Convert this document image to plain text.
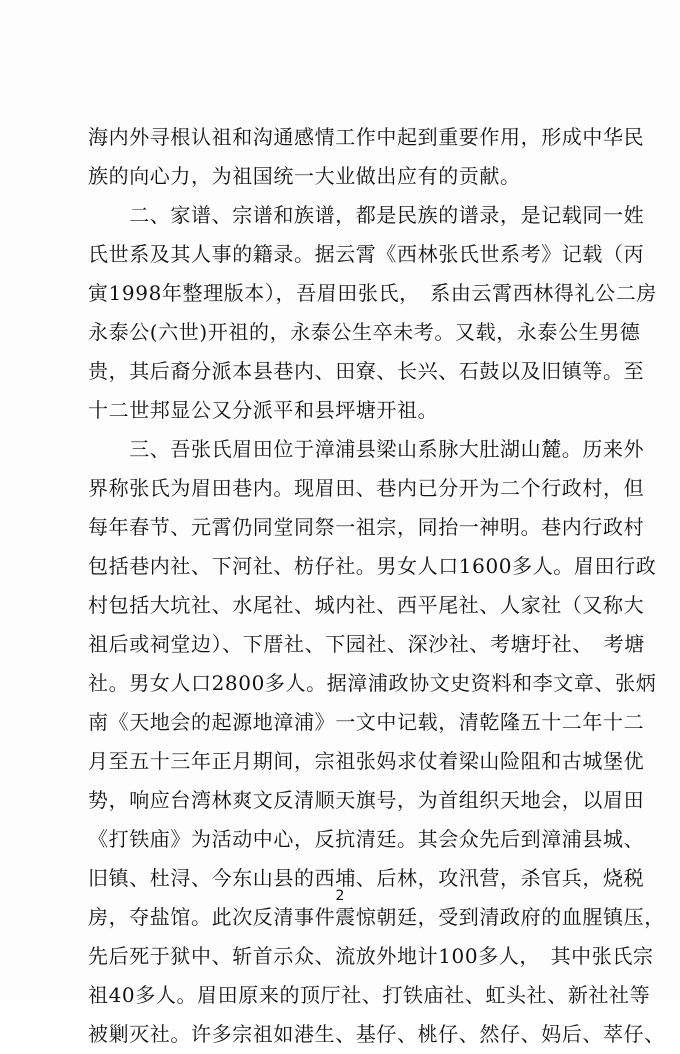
海内外寻根认祖和沟通感情工作中起到重要作用，形成中华民
族的向心力，为祖国统一大业做出应有的贡献。
　　二、家谱、宗谱和族谱，都是民族的谱录，是记载同一姓
氏世系及其人事的籍录。据云霄《西林张氏世系考》记载（丙
寅1998年整理版本），吾眉田张氏，　系由云霄西林得礼公二房
永泰公(六世)开祖的，永泰公生卒未考。又载，永泰公生男德
贵，其后裔分派本县巷内、田寮、长兴、石鼓以及旧镇等。至
十二世邦显公又分派平和县坪塘开祖。
　　三、吾张氏眉田位于漳浦县梁山系脉大肚湖山麓。历来外
界称张氏为眉田巷内。现眉田、巷内已分开为二个行政村，但
每年春节、元霄仍同堂同祭一祖宗，同抬一神明。巷内行政村
包括巷内社、下河社、枋仔社。男女人口1600多人。眉田行政
村包括大坑社、水尾社、城内社、西平尾社、人家社（又称大
祖后或祠堂边）、下厝社、下园社、深沙社、考塘圩社、　考塘
社。男女人口2800多人。据漳浦政协文史资料和李文章、张炳
南《天地会的起源地漳浦》一文中记载，清乾隆五十二年十二
月至五十三年正月期间，宗祖张妈求仗着梁山险阻和古城堡优
势，响应台湾林爽文反清顺天旗号，为首组织天地会，以眉田
《打铁庙》为活动中心，反抗清廷。其会众先后到漳浦县城、
旧镇、杜浔、今东山县的西埔、后林，攻汛营，杀官兵，烧税
房，夺盐馆。此次反清事件震惊朝廷，受到清政府的血腥镇压，
先后死于狱中、斩首示众、流放外地计100多人，　其中张氏宗
祖40多人。眉田原来的顶厅社、打铁庙社、虹头社、新社社等
被剿灭社。许多宗祖如港生、基仔、桃仔、然仔、妈后、萃仔、
2
